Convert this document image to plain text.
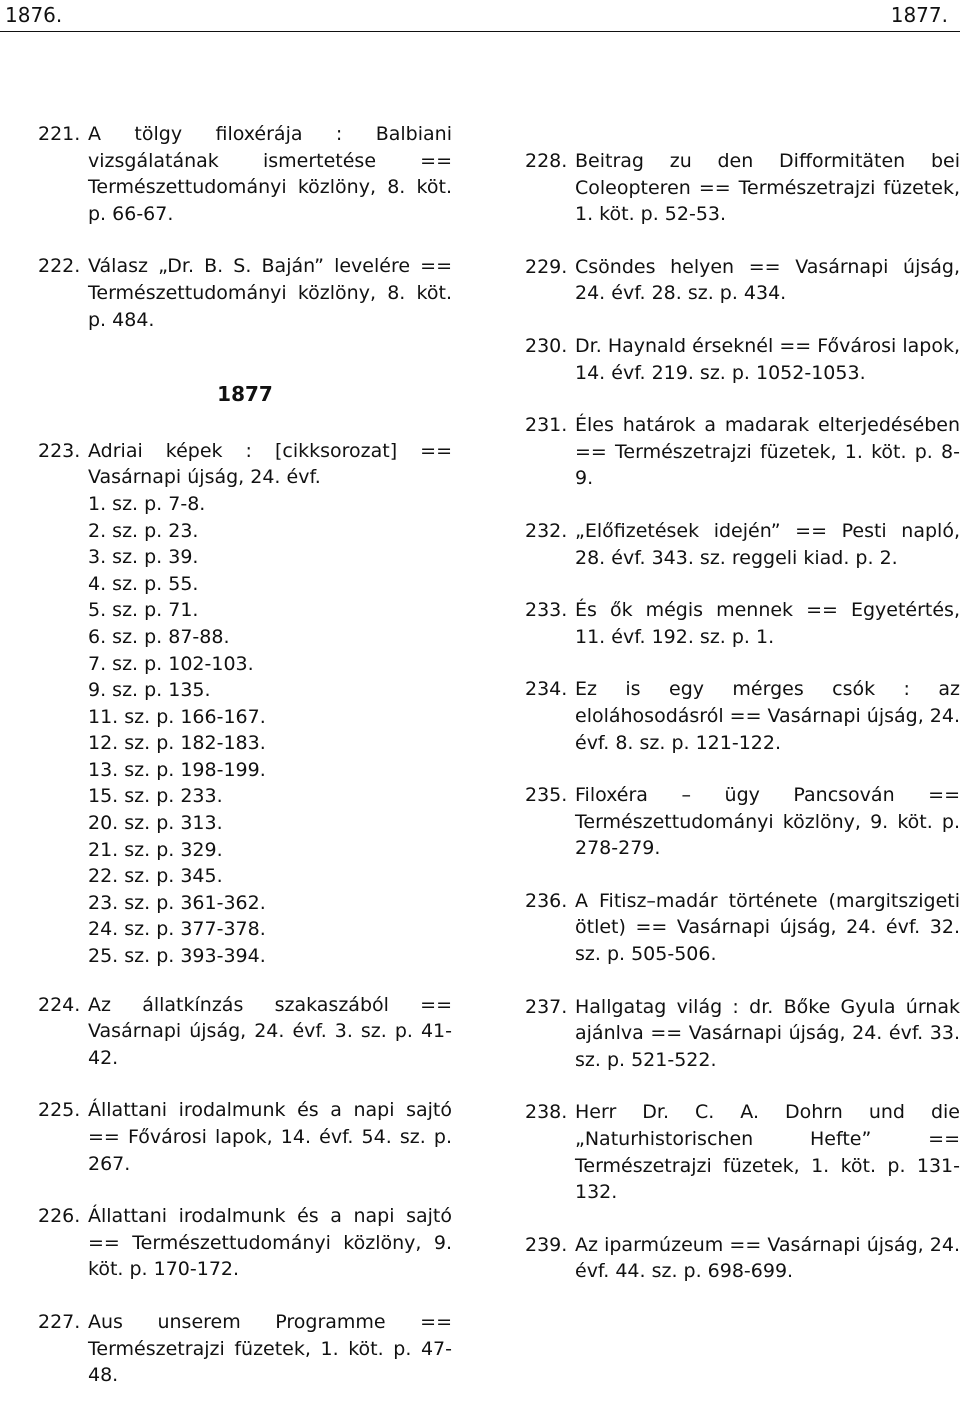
1876.	1877.
221. A tölgy filoxérája : Balbiani vizsgálatának ismertetése == Természettudományi közlöny, 8. köt. p. 66-67.
222. Válasz „Dr. B. S. Baján” levelére == Természettudományi közlöny, 8. köt. p. 484.
1877
223. Adriai képek : [cikksorozat] == Vasárnapi újság, 24. évf.
1. sz. p. 7-8.
2. sz. p. 23.
3. sz. p. 39.
4. sz. p. 55.
5. sz. p. 71.
6. sz. p. 87-88.
7. sz. p. 102-103.
9. sz. p. 135.
11. sz. p. 166-167.
12. sz. p. 182-183.
13. sz. p. 198-199.
15. sz. p. 233.
20. sz. p. 313.
21. sz. p. 329.
22. sz. p. 345.
23. sz. p. 361-362.
24. sz. p. 377-378.
25. sz. p. 393-394.
224. Az állatkínzás szakaszából == Vasárnapi újság, 24. évf. 3. sz. p. 41-42.
225. Állattani irodalmunk és a napi sajtó == Fővárosi lapok, 14. évf. 54. sz. p. 267.
226. Állattani irodalmunk és a napi sajtó == Természettudományi közlöny, 9. köt. p. 170-172.
227. Aus unserem Programme == Természetrajzi füzetek, 1. köt. p. 47-48.
228. Beitrag zu den Difformitäten bei Coleopteren == Természetrajzi füzetek, 1. köt. p. 52-53.
229. Csöndes helyen == Vasárnapi újság, 24. évf. 28. sz. p. 434.
230. Dr. Haynald érseknél == Fővárosi lapok, 14. évf. 219. sz. p. 1052-1053.
231. Éles határok a madarak elterjedésében == Természetrajzi füzetek, 1. köt. p. 8-9.
232. „Előfizetések idején” == Pesti napló, 28. évf. 343. sz. reggeli kiad. p. 2.
233. És ők mégis mennek == Egyetértés, 11. évf. 192. sz. p. 1.
234. Ez is egy mérges csók : az eloláhosodásról == Vasárnapi újság, 24. évf. 8. sz. p. 121-122.
235. Filoxéra – ügy Pancsován == Természettudományi közlöny, 9. köt. p. 278-279.
236. A Fitisz–madár története (margitszigeti ötlet) == Vasárnapi újság, 24. évf. 32. sz. p. 505-506.
237. Hallgatag világ : dr. Bőke Gyula úrnak ajánlva == Vasárnapi újság, 24. évf. 33. sz. p. 521-522.
238. Herr Dr. C. A. Dohrn und die „Naturhistorischen Hefte” == Természetrajzi füzetek, 1. köt. p. 131-132.
239. Az iparmúzeum == Vasárnapi újság, 24. évf. 44. sz. p. 698-699.
